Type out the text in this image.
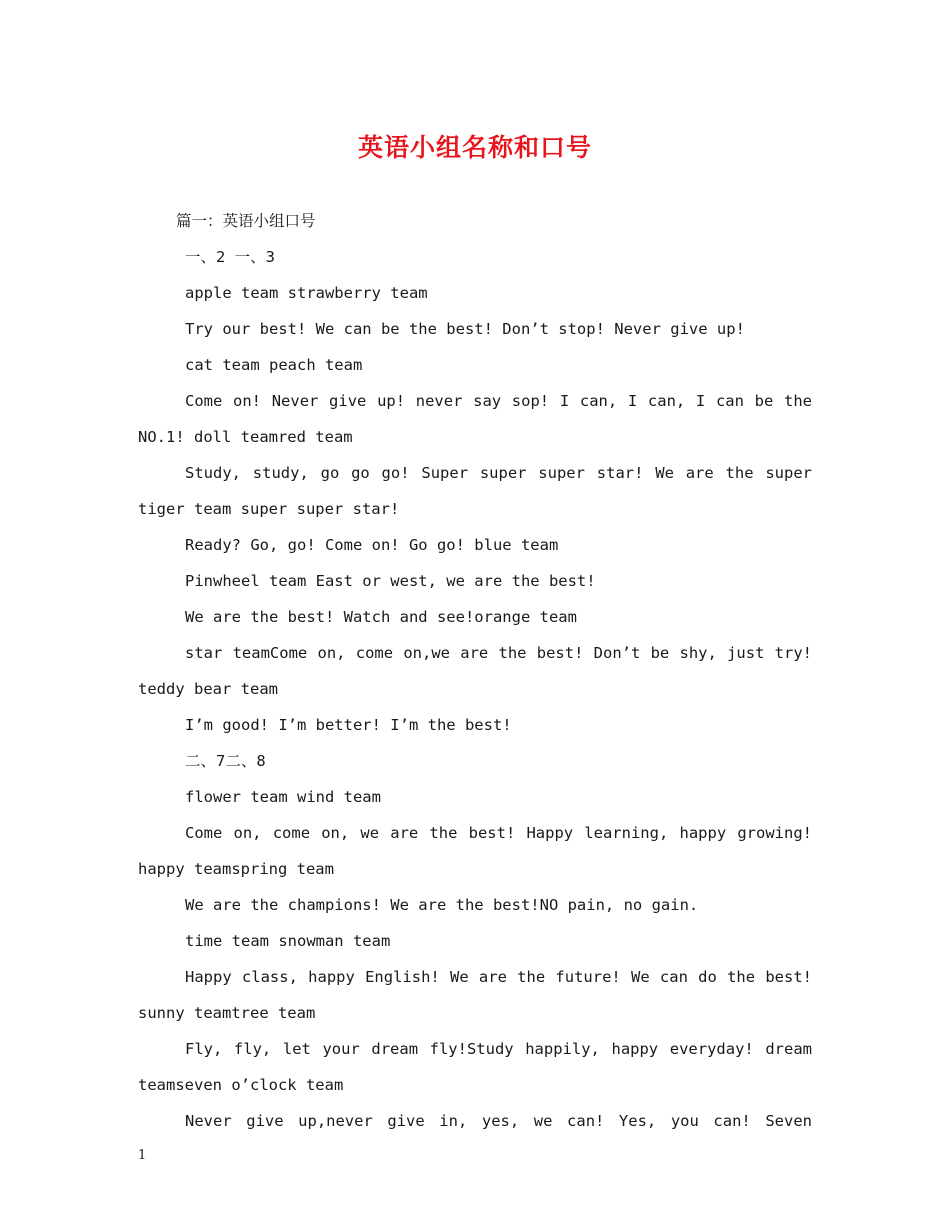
英语小组名称和口号

篇一：英语小组口号

一、2 一、3

apple team strawberry team

Try our best! We can be the best! Don’t stop! Never give up!

cat team peach team

Come on! Never give up! never say sop! I can, I can, I can be the
NO.1! doll teamred team
Study, study, go go go! Super super super star! We are the super
tiger team super super star!

Ready? Go, go! Come on! Go go! blue team

Pinwheel team East or west, we are the best!

We are the best! Watch and see!orange team

star teamCome on, come on,we are the best! Don’t be shy, just try!
teddy bear team

I’m good! I’m better! I’m the best!

二、7二、8

flower team wind team

Come on, come on, we are the best! Happy learning, happy growing!
happy teamspring team

We are the champions! We are the best!NO pain, no gain.

time team snowman team

Happy class, happy English! We are the future! We can do the best!
sunny teamtree team
Fly, fly, let your dream fly!Study happily, happy everyday! dream
teamseven o’clock team
Never give up,never give in, yes, we can! Yes, you can! Seven
1
